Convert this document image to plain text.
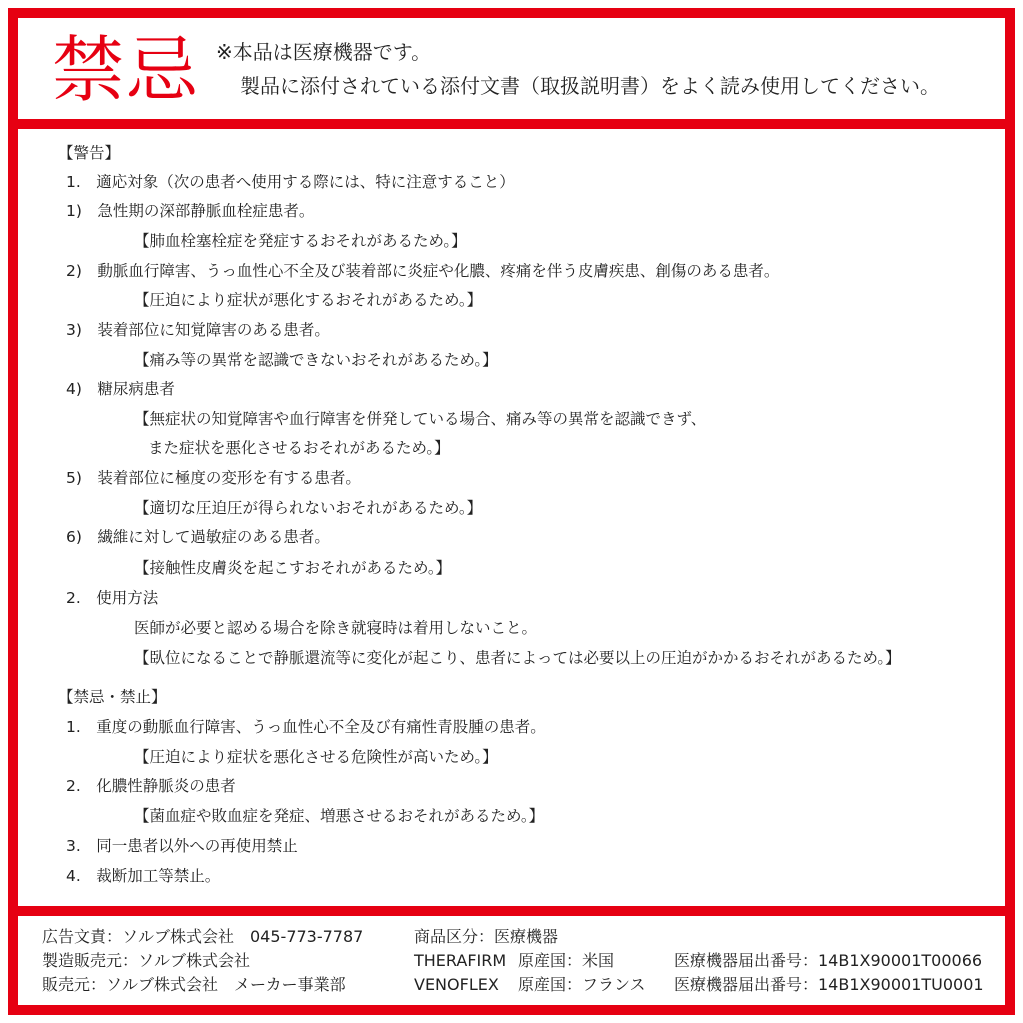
禁忌 ※本品は医療機器です。
製品に添付されている添付文書（取扱説明書）をよく読み使用してください。
【警告】
1.　適応対象（次の患者へ使用する際には、特に注意すること）
1)　急性期の深部静脈血栓症患者。
【肺血栓塞栓症を発症するおそれがあるため。】
2)　動脈血行障害、うっ血性心不全及び装着部に炎症や化膿、疼痛を伴う皮膚疾患、創傷のある患者。
【圧迫により症状が悪化するおそれがあるため。】
3)　装着部位に知覚障害のある患者。
【痛み等の異常を認識できないおそれがあるため。】
4)　糖尿病患者
【無症状の知覚障害や血行障害を併発している場合、痛み等の異常を認識できず、
また症状を悪化させるおそれがあるため。】
5)　装着部位に極度の変形を有する患者。
【適切な圧迫圧が得られないおそれがあるため。】
6)　繊維に対して過敏症のある患者。
【接触性皮膚炎を起こすおそれがあるため。】
2.　使用方法
医師が必要と認める場合を除き就寝時は着用しないこと。
【臥位になることで静脈還流等に変化が起こり、患者によっては必要以上の圧迫がかかるおそれがあるため。】
【禁忌・禁止】
1.　重度の動脈血行障害、うっ血性心不全及び有痛性青股腫の患者。
【圧迫により症状を悪化させる危険性が高いため。】
2.　化膿性静脈炎の患者
【菌血症や敗血症を発症、増悪させるおそれがあるため。】
3.　同一患者以外への再使用禁止
4.　裁断加工等禁止。
広告文責：ソルブ株式会社　045-773-7787
製造販売元：ソルブ株式会社
販売元：ソルブ株式会社　メーカー事業部
商品区分：医療機器
THERAFIRM 原産国：米国	医療機器届出番号：14B1X90001T00066
VENOFLEX 原産国：フランス 医療機器届出番号：14B1X90001TU0001
